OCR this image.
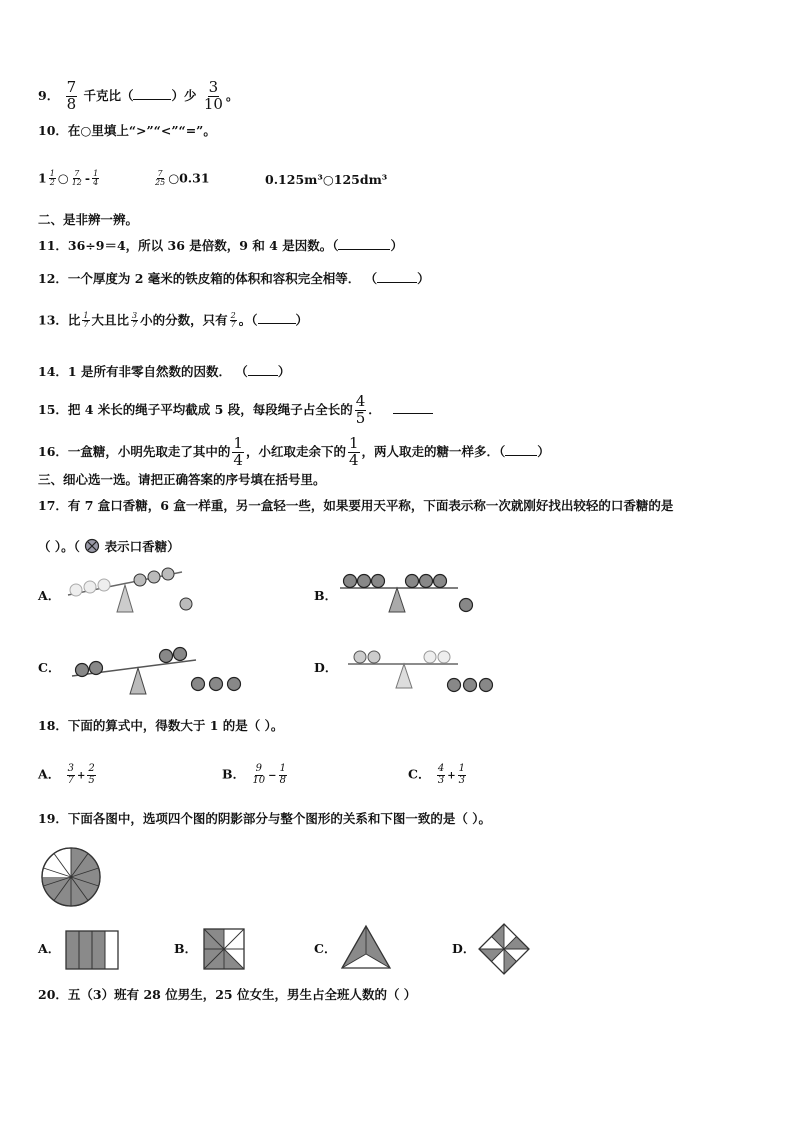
9． $\frac{7}{8}$ 千克比（	）少 $\frac{3}{10}$ 。
10．在○里填上“>”“<”“=”。
$1 \frac{1}{2}$ ○ $\frac{7}{12} - \frac{1}{4}$	$\frac{7}{25}$ ○0.31	0.125m³○125dm³
二、是非辨一辨。
11．36÷9＝4，所以 36 是倍数，9 和 4 是因数。（	）
12．一个厚度为 2 毫米的铁皮箱的体积和容积完全相等． （	）
13．比 $\frac{1}{7}$ 大且比 $\frac{3}{7}$ 小的分数，只有 $\frac{2}{7}$ 。（	）
14．1 是所有非零自然数的因数． （ ）
15．把 4 米长的绳子平均截成 5 段，每段绳子占全长的 $\frac{4}{5}$ ．
16．一盒糖，小明先取走了其中的 $\frac{1}{4}$ ，小红取走余下的 $\frac{1}{4}$ ，两人取走的糖一样多．（	）
三、细心选一选。请把正确答案的序号填在括号里。
17．有 7 盒口香糖，6 盒一样重，另一盒轻一些，如果要用天平称，下面表示称一次就刚好找出较轻的口香糖的是
（ ）。（ 表示口香糖）
A．	B．
C．	D．
18．下面的算式中，得数大于 1 的是（ ）。
A． $\frac{3}{7} + \frac{2}{5}$	B． $\frac{9}{10} - \frac{1}{8}$	C． $\frac{4}{3} + \frac{1}{3}$
19．下面各图中，选项四个图的阴影部分与整个图形的关系和下图一致的是（ ）。
A．	B．	C．	D．
20．五（3）班有 28 位男生，25 位女生，男生占全班人数的（ ）
